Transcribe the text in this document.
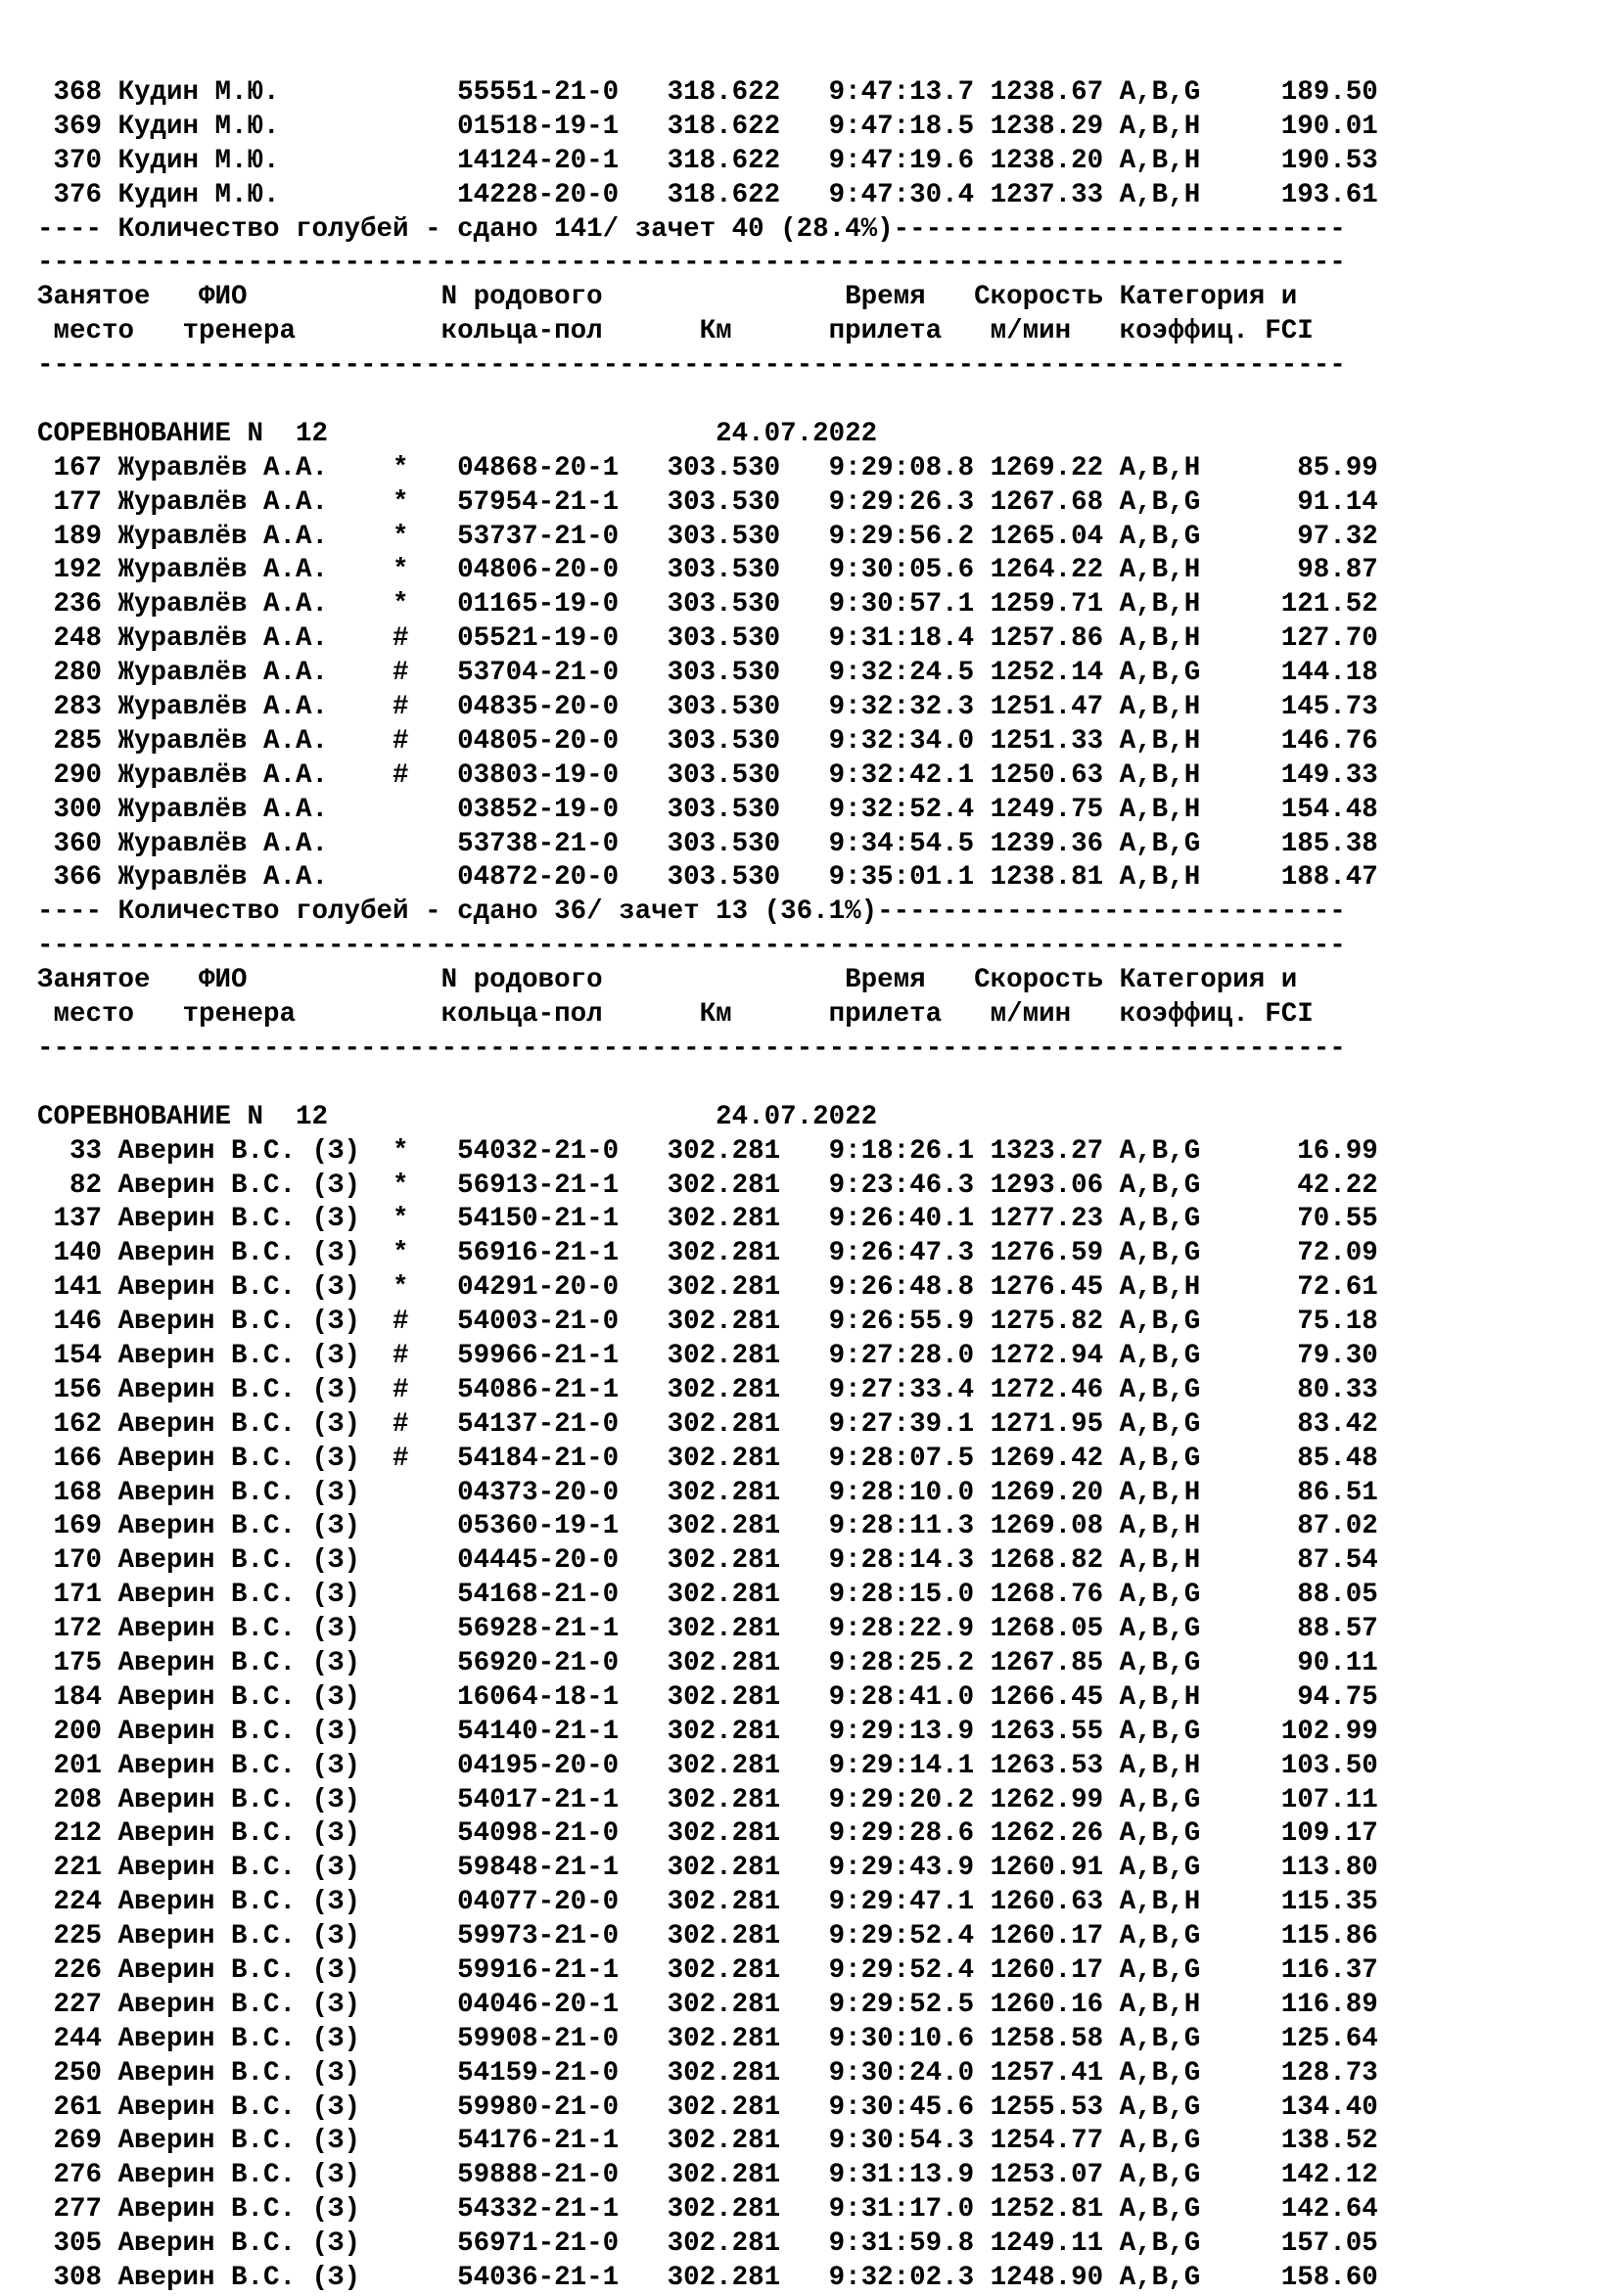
368 Кудин М.Ю.           55551-21-0   318.622   9:47:13.7 1238.67 A,B,G     189.50
369 Кудин М.Ю.           01518-19-1   318.622   9:47:18.5 1238.29 A,B,H     190.01
370 Кудин М.Ю.           14124-20-1   318.622   9:47:19.6 1238.20 A,B,H     190.53
376 Кудин М.Ю.           14228-20-0   318.622   9:47:30.4 1237.33 A,B,H     193.61
---- Количество голубей - сдано 141/ зачет 40 (28.4%)----------------------------
---------------------------------------------------------------------------------
Занятое   ФИО            N родового               Время   Скорость Категория и
место   тренера         кольца-пол      Км      прилета   м/мин   коэффиц. FCI
---------------------------------------------------------------------------------
СОРЕВНОВАНИЕ N  12                        24.07.2022
167 Журавлёв А.А.    *   04868-20-1   303.530   9:29:08.8 1269.22 A,B,H      85.99
177 Журавлёв А.А.    *   57954-21-1   303.530   9:29:26.3 1267.68 A,B,G      91.14
189 Журавлёв А.А.    *   53737-21-0   303.530   9:29:56.2 1265.04 A,B,G      97.32
192 Журавлёв А.А.    *   04806-20-0   303.530   9:30:05.6 1264.22 A,B,H      98.87
236 Журавлёв А.А.    *   01165-19-0   303.530   9:30:57.1 1259.71 A,B,H     121.52
248 Журавлёв А.А.    #   05521-19-0   303.530   9:31:18.4 1257.86 A,B,H     127.70
280 Журавлёв А.А.    #   53704-21-0   303.530   9:32:24.5 1252.14 A,B,G     144.18
283 Журавлёв А.А.    #   04835-20-0   303.530   9:32:32.3 1251.47 A,B,H     145.73
285 Журавлёв А.А.    #   04805-20-0   303.530   9:32:34.0 1251.33 A,B,H     146.76
290 Журавлёв А.А.    #   03803-19-0   303.530   9:32:42.1 1250.63 A,B,H     149.33
300 Журавлёв А.А.        03852-19-0   303.530   9:32:52.4 1249.75 A,B,H     154.48
360 Журавлёв А.А.        53738-21-0   303.530   9:34:54.5 1239.36 A,B,G     185.38
366 Журавлёв А.А.        04872-20-0   303.530   9:35:01.1 1238.81 A,B,H     188.47
---- Количество голубей - сдано 36/ зачет 13 (36.1%)-----------------------------
---------------------------------------------------------------------------------
Занятое   ФИО            N родового               Время   Скорость Категория и
место   тренера         кольца-пол      Км      прилета   м/мин   коэффиц. FCI
---------------------------------------------------------------------------------
СОРЕВНОВАНИЕ N  12                        24.07.2022
33 Аверин В.С. (З)  *   54032-21-0   302.281   9:18:26.1 1323.27 A,B,G      16.99
82 Аверин В.С. (З)  *   56913-21-1   302.281   9:23:46.3 1293.06 A,B,G      42.22
137 Аверин В.С. (З)  *   54150-21-1   302.281   9:26:40.1 1277.23 A,B,G      70.55
140 Аверин В.С. (З)  *   56916-21-1   302.281   9:26:47.3 1276.59 A,B,G      72.09
141 Аверин В.С. (З)  *   04291-20-0   302.281   9:26:48.8 1276.45 A,B,H      72.61
146 Аверин В.С. (З)  #   54003-21-0   302.281   9:26:55.9 1275.82 A,B,G      75.18
154 Аверин В.С. (З)  #   59966-21-1   302.281   9:27:28.0 1272.94 A,B,G      79.30
156 Аверин В.С. (З)  #   54086-21-1   302.281   9:27:33.4 1272.46 A,B,G      80.33
162 Аверин В.С. (З)  #   54137-21-0   302.281   9:27:39.1 1271.95 A,B,G      83.42
166 Аверин В.С. (З)  #   54184-21-0   302.281   9:28:07.5 1269.42 A,B,G      85.48
168 Аверин В.С. (З)      04373-20-0   302.281   9:28:10.0 1269.20 A,B,H      86.51
169 Аверин В.С. (З)      05360-19-1   302.281   9:28:11.3 1269.08 A,B,H      87.02
170 Аверин В.С. (З)      04445-20-0   302.281   9:28:14.3 1268.82 A,B,H      87.54
171 Аверин В.С. (З)      54168-21-0   302.281   9:28:15.0 1268.76 A,B,G      88.05
172 Аверин В.С. (З)      56928-21-1   302.281   9:28:22.9 1268.05 A,B,G      88.57
175 Аверин В.С. (З)      56920-21-0   302.281   9:28:25.2 1267.85 A,B,G      90.11
184 Аверин В.С. (З)      16064-18-1   302.281   9:28:41.0 1266.45 A,B,H      94.75
200 Аверин В.С. (З)      54140-21-1   302.281   9:29:13.9 1263.55 A,B,G     102.99
201 Аверин В.С. (З)      04195-20-0   302.281   9:29:14.1 1263.53 A,B,H     103.50
208 Аверин В.С. (З)      54017-21-1   302.281   9:29:20.2 1262.99 A,B,G     107.11
212 Аверин В.С. (З)      54098-21-0   302.281   9:29:28.6 1262.26 A,B,G     109.17
221 Аверин В.С. (З)      59848-21-1   302.281   9:29:43.9 1260.91 A,B,G     113.80
224 Аверин В.С. (З)      04077-20-0   302.281   9:29:47.1 1260.63 A,B,H     115.35
225 Аверин В.С. (З)      59973-21-0   302.281   9:29:52.4 1260.17 A,B,G     115.86
226 Аверин В.С. (З)      59916-21-1   302.281   9:29:52.4 1260.17 A,B,G     116.37
227 Аверин В.С. (З)      04046-20-1   302.281   9:29:52.5 1260.16 A,B,H     116.89
244 Аверин В.С. (З)      59908-21-0   302.281   9:30:10.6 1258.58 A,B,G     125.64
250 Аверин В.С. (З)      54159-21-0   302.281   9:30:24.0 1257.41 A,B,G     128.73
261 Аверин В.С. (З)      59980-21-0   302.281   9:30:45.6 1255.53 A,B,G     134.40
269 Аверин В.С. (З)      54176-21-1   302.281   9:30:54.3 1254.77 A,B,G     138.52
276 Аверин В.С. (З)      59888-21-0   302.281   9:31:13.9 1253.07 A,B,G     142.12
277 Аверин В.С. (З)      54332-21-1   302.281   9:31:17.0 1252.81 A,B,G     142.64
305 Аверин В.С. (З)      56971-21-0   302.281   9:31:59.8 1249.11 A,B,G     157.05
308 Аверин В.С. (З)      54036-21-1   302.281   9:32:02.3 1248.90 A,B,G     158.60
